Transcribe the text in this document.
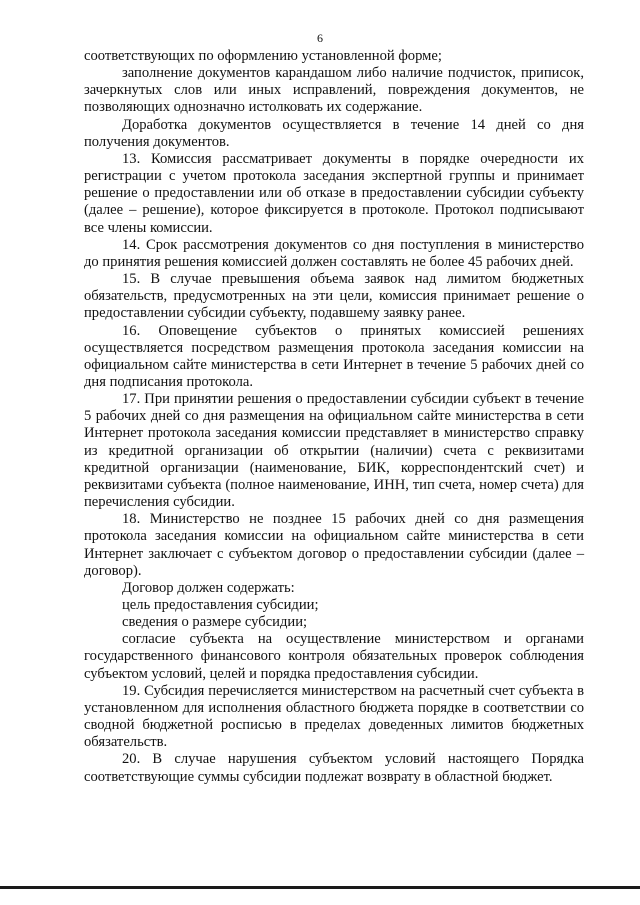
6

соответствующих по оформлению установленной форме;

заполнение документов карандашом либо наличие подчисток, приписок, зачеркнутых слов или иных исправлений, повреждения документов, не позволяющих однозначно истолковать их содержание.

Доработка документов осуществляется в течение 14 дней со дня получения документов.

13. Комиссия рассматривает документы в порядке очередности их регистрации с учетом протокола заседания экспертной группы и принимает решение о предоставлении или об отказе в предоставлении субсидии субъекту (далее – решение), которое фиксируется в протоколе. Протокол подписывают все члены комиссии.

14. Срок рассмотрения документов со дня поступления в министерство до принятия решения комиссией должен составлять не более 45 рабочих дней.

15. В случае превышения объема заявок над лимитом бюджетных обязательств, предусмотренных на эти цели, комиссия принимает решение о предоставлении субсидии субъекту, подавшему заявку ранее.

16. Оповещение субъектов о принятых комиссией решениях осуществляется посредством размещения протокола заседания комиссии на официальном сайте министерства в сети Интернет в течение 5 рабочих дней со дня подписания протокола.

17. При принятии решения о предоставлении субсидии субъект в течение 5 рабочих дней со дня размещения на официальном сайте министерства в сети Интернет протокола заседания комиссии представляет в министерство справку из кредитной организации об открытии (наличии) счета с реквизитами кредитной организации (наименование, БИК, корреспондентский счет) и реквизитами субъекта (полное наименование, ИНН, тип счета, номер счета) для перечисления субсидии.

18. Министерство не позднее 15 рабочих дней со дня размещения протокола заседания комиссии на официальном сайте министерства в сети Интернет заключает с субъектом договор о предоставлении субсидии (далее – договор).

Договор должен содержать:

цель предоставления субсидии;

сведения о размере субсидии;

согласие субъекта на осуществление министерством и органами государственного финансового контроля обязательных проверок соблюдения субъектом условий, целей и порядка предоставления субсидии.

19. Субсидия перечисляется министерством на расчетный счет субъекта в установленном для исполнения областного бюджета порядке в соответствии со сводной бюджетной росписью в пределах доведенных лимитов бюджетных обязательств.

20. В случае нарушения субъектом условий настоящего Порядка соответствующие суммы субсидии подлежат возврату в областной бюджет.
